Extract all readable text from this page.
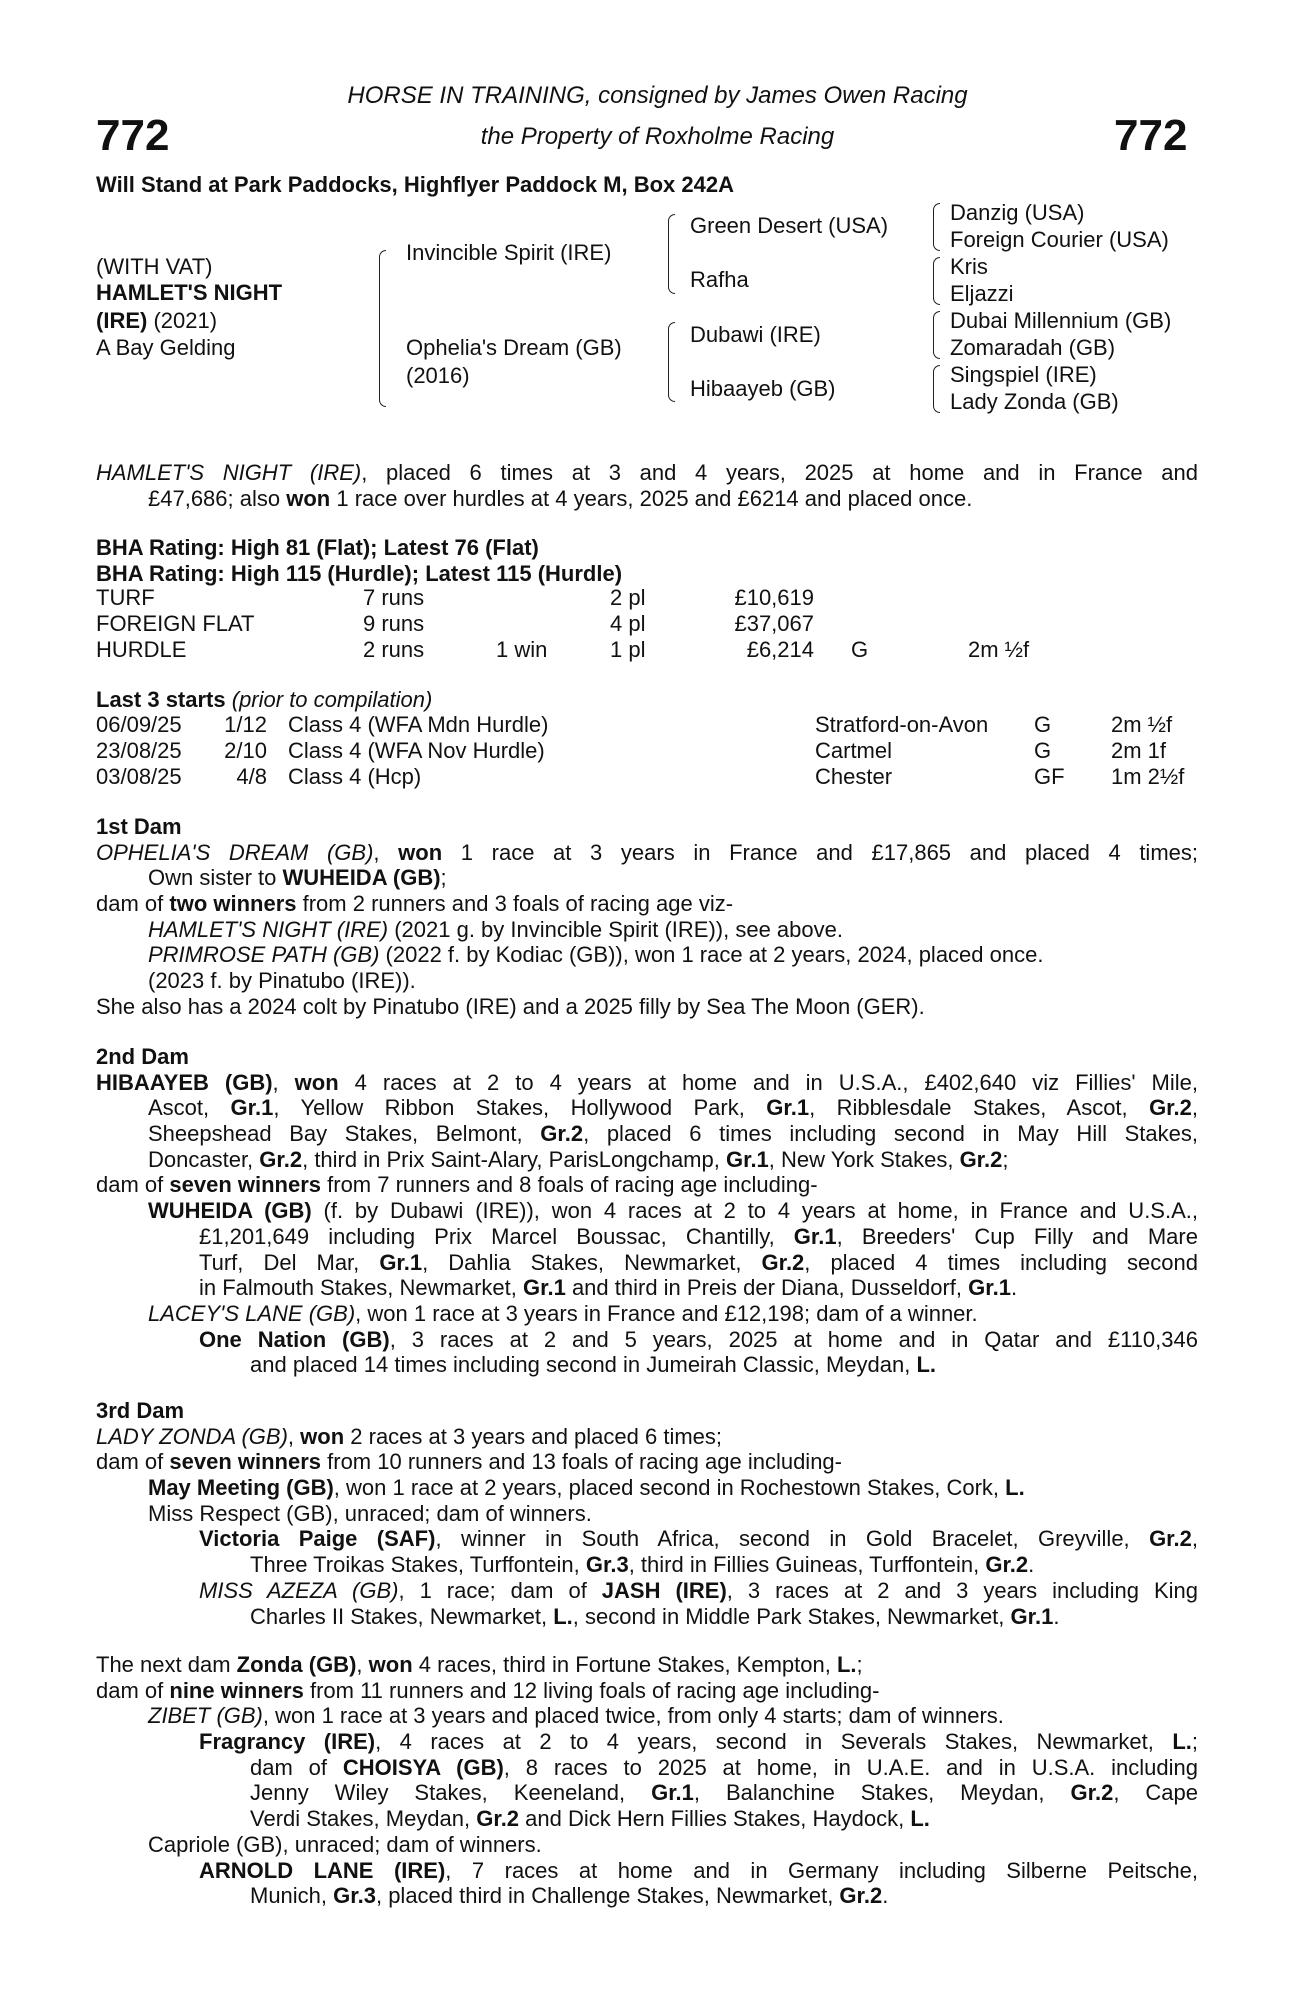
HORSE IN TRAINING, consigned by James Owen Racing
the Property of Roxholme Racing
772	772
Will Stand at Park Paddocks, Highflyer Paddock M, Box 242A
(WITH VAT)
HAMLET'S NIGHT
(IRE) (2021)
A Bay Gelding
Invincible Spirit (IRE)
Ophelia's Dream (GB)
(2016)
Green Desert (USA)
Rafha
Dubawi (IRE)
Hibaayeb (GB)
Danzig (USA)
Foreign Courier (USA)
Kris
Eljazzi
Dubai Millennium (GB)
Zomaradah (GB)
Singspiel (IRE)
Lady Zonda (GB)
BHA Rating: High 81 (Flat); Latest 76 (Flat)
BHA Rating: High 115 (Hurdle); Latest 115 (Hurdle)
TURF	7 runs	2 pl	£10,619
FOREIGN FLAT	9 runs	4 pl	£37,067
HURDLE	2 runs	1 win	1 pl	£6,214 G	2m ½f
Last 3 starts (prior to compilation)
06/09/25 1/12 Class 4 (WFA Mdn Hurdle)	Stratford-on-Avon G	2m ½f
23/08/25 2/10 Class 4 (WFA Nov Hurdle)	Cartmel	G	2m 1f
03/08/25 4/8 Class 4 (Hcp)	Chester	GF 1m 2½f
HAMLET'S NIGHT (IRE), placed 6 times at 3 and 4 years, 2025 at home and in France and
£47,686; also won 1 race over hurdles at 4 years, 2025 and £6214 and placed once.
1st Dam
OPHELIA'S DREAM (GB), won 1 race at 3 years in France and £17,865 and placed 4 times;
Own sister to WUHEIDA (GB);
dam of two winners from 2 runners and 3 foals of racing age viz-
HAMLET'S NIGHT (IRE) (2021 g. by Invincible Spirit (IRE)), see above.
PRIMROSE PATH (GB) (2022 f. by Kodiac (GB)), won 1 race at 2 years, 2024, placed once.
(2023 f. by Pinatubo (IRE)).
She also has a 2024 colt by Pinatubo (IRE) and a 2025 filly by Sea The Moon (GER).
2nd Dam
HIBAAYEB (GB), won 4 races at 2 to 4 years at home and in U.S.A., £402,640 viz Fillies' Mile,
Ascot, Gr.1, Yellow Ribbon Stakes, Hollywood Park, Gr.1, Ribblesdale Stakes, Ascot, Gr.2,
Sheepshead Bay Stakes, Belmont, Gr.2, placed 6 times including second in May Hill Stakes,
Doncaster, Gr.2, third in Prix Saint-Alary, ParisLongchamp, Gr.1, New York Stakes, Gr.2;
dam of seven winners from 7 runners and 8 foals of racing age including-
WUHEIDA (GB) (f. by Dubawi (IRE)), won 4 races at 2 to 4 years at home, in France and U.S.A.,
£1,201,649 including Prix Marcel Boussac, Chantilly, Gr.1, Breeders' Cup Filly and Mare
Turf, Del Mar, Gr.1, Dahlia Stakes, Newmarket, Gr.2, placed 4 times including second
in Falmouth Stakes, Newmarket, Gr.1 and third in Preis der Diana, Dusseldorf, Gr.1.
LACEY'S LANE (GB), won 1 race at 3 years in France and £12,198; dam of a winner.
One Nation (GB), 3 races at 2 and 5 years, 2025 at home and in Qatar and £110,346
and placed 14 times including second in Jumeirah Classic, Meydan, L.
3rd Dam
LADY ZONDA (GB), won 2 races at 3 years and placed 6 times;
dam of seven winners from 10 runners and 13 foals of racing age including-
May Meeting (GB), won 1 race at 2 years, placed second in Rochestown Stakes, Cork, L.
Miss Respect (GB), unraced; dam of winners.
Victoria Paige (SAF), winner in South Africa, second in Gold Bracelet, Greyville, Gr.2,
Three Troikas Stakes, Turffontein, Gr.3, third in Fillies Guineas, Turffontein, Gr.2.
MISS AZEZA (GB), 1 race; dam of JASH (IRE), 3 races at 2 and 3 years including King
Charles II Stakes, Newmarket, L., second in Middle Park Stakes, Newmarket, Gr.1.
The next dam Zonda (GB), won 4 races, third in Fortune Stakes, Kempton, L.;
dam of nine winners from 11 runners and 12 living foals of racing age including-
ZIBET (GB), won 1 race at 3 years and placed twice, from only 4 starts; dam of winners.
Fragrancy (IRE), 4 races at 2 to 4 years, second in Severals Stakes, Newmarket, L.;
dam of CHOISYA (GB), 8 races to 2025 at home, in U.A.E. and in U.S.A. including
Jenny Wiley Stakes, Keeneland, Gr.1, Balanchine Stakes, Meydan, Gr.2, Cape
Verdi Stakes, Meydan, Gr.2 and Dick Hern Fillies Stakes, Haydock, L.
Capriole (GB), unraced; dam of winners.
ARNOLD LANE (IRE), 7 races at home and in Germany including Silberne Peitsche,
Munich, Gr.3, placed third in Challenge Stakes, Newmarket, Gr.2.
